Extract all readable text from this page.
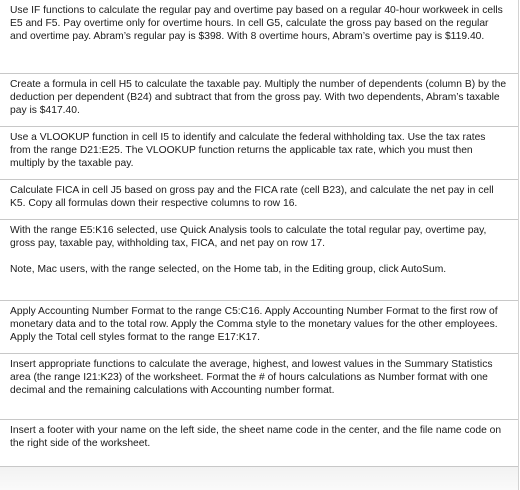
Use IF functions to calculate the regular pay and overtime pay based on a regular 40-hour workweek in cells E5 and F5. Pay overtime only for overtime hours. In cell G5, calculate the gross pay based on the regular and overtime pay. Abram’s regular pay is $398. With 8 overtime hours, Abram’s overtime pay is $119.40.

Create a formula in cell H5 to calculate the taxable pay. Multiply the number of dependents (column B) by the deduction per dependent (B24) and subtract that from the gross pay. With two dependents, Abram’s taxable pay is $417.40.

Use a VLOOKUP function in cell I5 to identify and calculate the federal withholding tax. Use the tax rates from the range D21:E25. The VLOOKUP function returns the applicable tax rate, which you must then multiply by the taxable pay.

Calculate FICA in cell J5 based on gross pay and the FICA rate (cell B23), and calculate the net pay in cell K5. Copy all formulas down their respective columns to row 16.

With the range E5:K16 selected, use Quick Analysis tools to calculate the total regular pay, overtime pay, gross pay, taxable pay, withholding tax, FICA, and net pay on row 17.

Note, Mac users, with the range selected, on the Home tab, in the Editing group, click AutoSum.

Apply Accounting Number Format to the range C5:C16. Apply Accounting Number Format to the first row of monetary data and to the total row. Apply the Comma style to the monetary values for the other employees. Apply the Total cell styles format to the range E17:K17.

Insert appropriate functions to calculate the average, highest, and lowest values in the Summary Statistics area (the range I21:K23) of the worksheet. Format the # of hours calculations as Number format with one decimal and the remaining calculations with Accounting number format.

Insert a footer with your name on the left side, the sheet name code in the center, and the file name code on the right side of the worksheet.
